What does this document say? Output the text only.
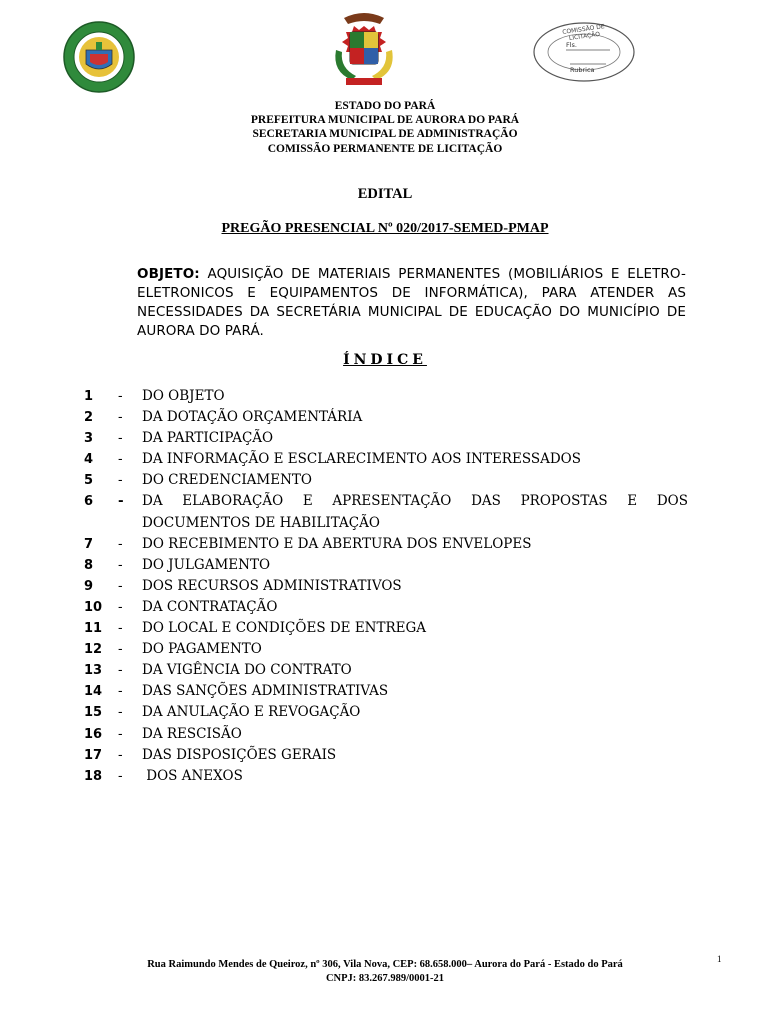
COMISSÃO DE LICITAÇÃO
Fls.
Rubrica
ESTADO DO PARÁ
PREFEITURA MUNICIPAL DE AURORA DO PARÁ
SECRETARIA MUNICIPAL DE ADMINISTRAÇÃO
COMISSÃO PERMANENTE DE LICITAÇÃO
EDITAL
PREGÃO PRESENCIAL Nº 020/2017-SEMED-PMAP
OBJETO: AQUISIÇÃO DE MATERIAIS PERMANENTES (MOBILIÁRIOS E ELETRO-ELETRONICOS E EQUIPAMENTOS DE INFORMÁTICA), PARA ATENDER AS NECESSIDADES DA SECRETÁRIA MUNICIPAL DE EDUCAÇÃO DO MUNICÍPIO DE AURORA DO PARÁ.
ÍNDICE
1 - DO OBJETO
2 - DA DOTAÇÃO ORÇAMENTÁRIA
3 - DA PARTICIPAÇÃO
4 - DA INFORMAÇÃO E ESCLARECIMENTO AOS INTERESSADOS
5 - DO CREDENCIAMENTO
6 - DA ELABORAÇÃO E APRESENTAÇÃO DAS PROPOSTAS E DOS DOCUMENTOS DE HABILITAÇÃO
7 - DO RECEBIMENTO E DA ABERTURA DOS ENVELOPES
8 - DO JULGAMENTO
9 - DOS RECURSOS ADMINISTRATIVOS
10 - DA CONTRATAÇÃO
11 - DO LOCAL E CONDIÇÕES DE ENTREGA
12 - DO PAGAMENTO
13 - DA VIGÊNCIA DO CONTRATO
14 - DAS SANÇÕES ADMINISTRATIVAS
15 - DA ANULAÇÃO E REVOGAÇÃO
16 - DA RESCISÃO
17 - DAS DISPOSIÇÕES GERAIS
18 - DOS ANEXOS
Rua Raimundo Mendes de Queiroz, nº 306, Vila Nova, CEP: 68.658.000– Aurora do Pará - Estado do Pará
CNPJ: 83.267.989/0001-21
1
